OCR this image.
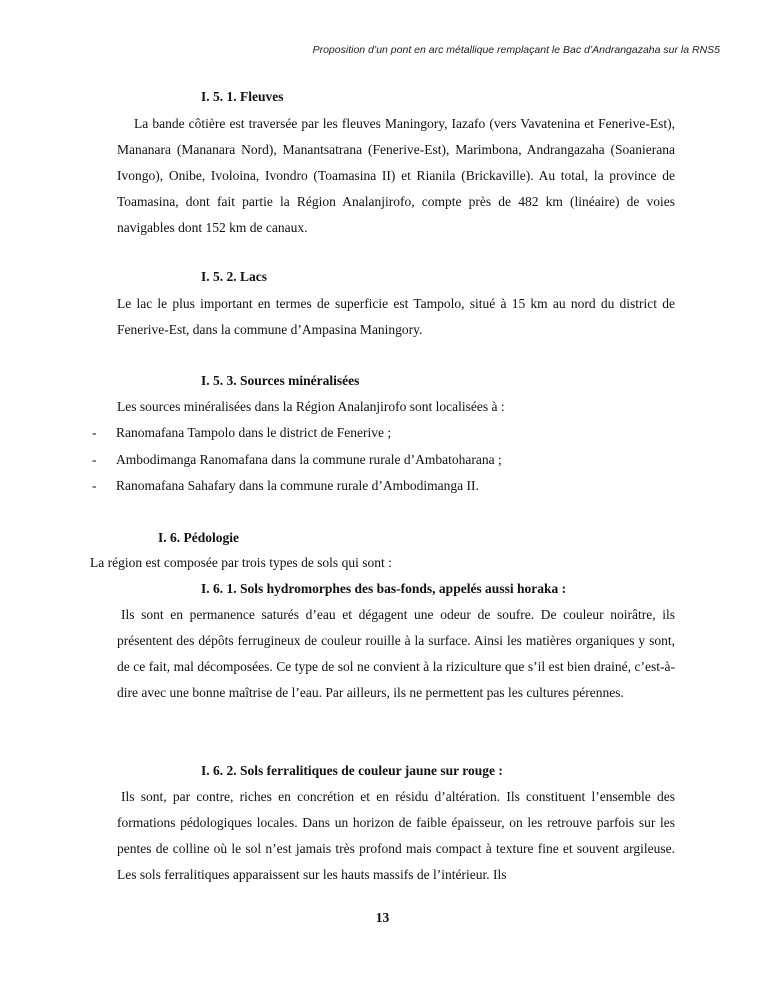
Proposition d’un pont en arc métallique remplaçant le Bac d’Andrangazaha sur la RNS5
I. 5. 1. Fleuves
La bande côtière est traversée par les fleuves Maningory, Iazafo (vers Vavatenina et Fenerive-Est), Mananara (Mananara Nord), Manantsatrana (Fenerive-Est), Marimbona, Andrangazaha (Soanierana Ivongo), Onibe, Ivoloina, Ivondro (Toamasina II) et Rianila (Brickaville). Au total, la province de Toamasina, dont fait partie la Région Analanjirofo, compte près de 482 km (linéaire) de voies navigables dont 152 km de canaux.
I. 5. 2. Lacs
Le lac le plus important en termes de superficie est Tampolo, situé à 15 km au nord du district de Fenerive-Est, dans la commune d’Ampasina Maningory.
I. 5. 3. Sources minéralisées
Les sources minéralisées dans la Région Analanjirofo sont localisées à :
- Ranomafana Tampolo dans le district de Fenerive ;
- Ambodimanga Ranomafana dans la commune rurale d’Ambatoharana ;
- Ranomafana Sahafary dans la commune rurale d’Ambodimanga II.
I. 6. Pédologie
La région est composée par trois types de sols qui sont :
I. 6. 1. Sols hydromorphes des bas-fonds, appelés aussi horaka :
Ils sont en permanence saturés d’eau et dégagent une odeur de soufre. De couleur noirâtre, ils présentent des dépôts ferrugineux de couleur rouille à la surface. Ainsi les matières organiques y sont, de ce fait, mal décomposées. Ce type de sol ne convient à la riziculture que s’il est bien drainé, c’est-à-dire avec une bonne maîtrise de l’eau. Par ailleurs, ils ne permettent pas les cultures pérennes.
I. 6. 2. Sols ferralitiques de couleur jaune sur rouge :
Ils sont, par contre, riches en concrétion et en résidu d’altération. Ils constituent l’ensemble des formations pédologiques locales. Dans un horizon de faible épaisseur, on les retrouve parfois sur les pentes de colline où le sol n’est jamais très profond mais compact à texture fine et souvent argileuse. Les sols ferralitiques apparaissent sur les hauts massifs de l’intérieur. Ils
13
